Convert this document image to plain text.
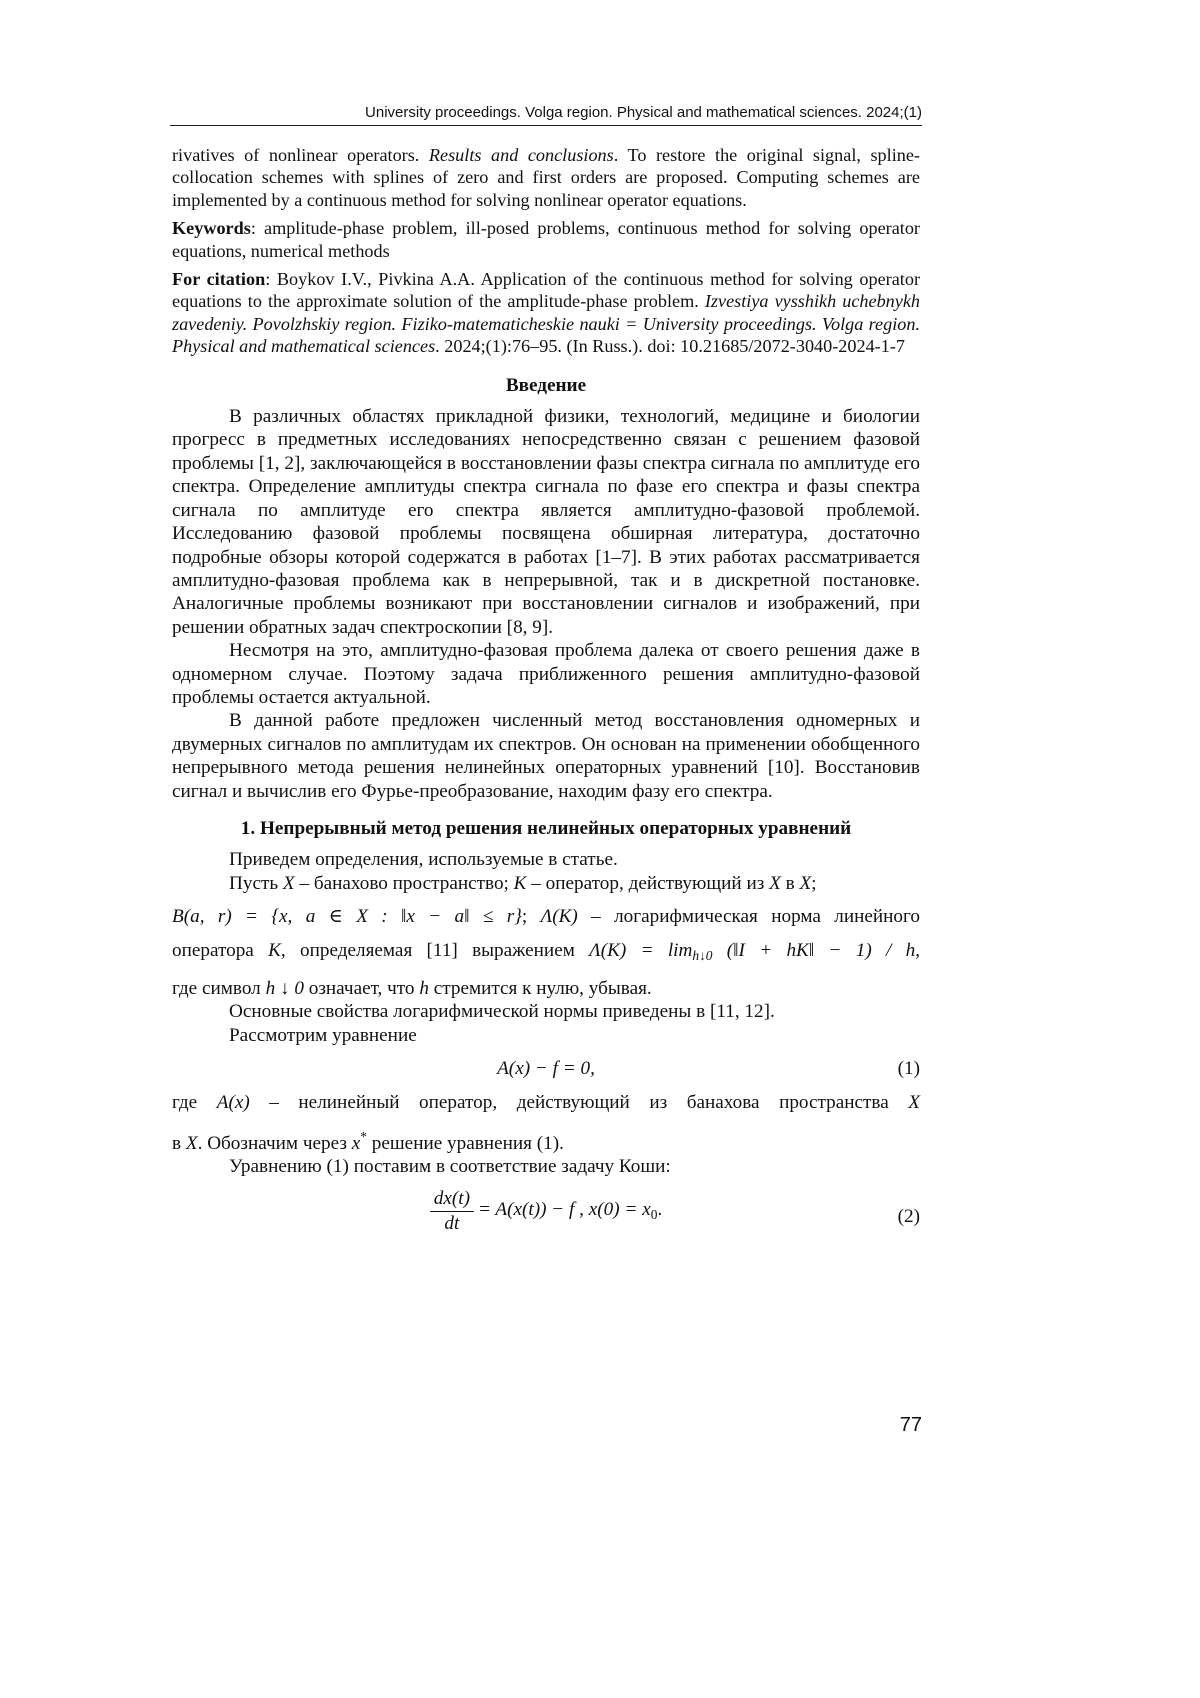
University proceedings. Volga region. Physical and mathematical sciences. 2024;(1)

rivatives of nonlinear operators. Results and conclusions. To restore the original signal, spline-collocation schemes with splines of zero and first orders are proposed. Computing schemes are implemented by a continuous method for solving nonlinear operator equations.

Keywords: amplitude-phase problem, ill-posed problems, continuous method for solving operator equations, numerical methods

For citation: Boykov I.V., Pivkina A.A. Application of the continuous method for solving operator equations to the approximate solution of the amplitude-phase problem. Izvestiya vysshikh uchebnykh zavedeniy. Povolzhskiy region. Fiziko-matematicheskie nauki = University proceedings. Volga region. Physical and mathematical sciences. 2024;(1):76–95. (In Russ.). doi: 10.21685/2072-3040-2024-1-7

Введение

В различных областях прикладной физики, технологий, медицине и биологии прогресс в предметных исследованиях непосредственно связан с решением фазовой проблемы [1, 2], заключающейся в восстановлении фазы спектра сигнала по амплитуде его спектра. Определение амплитуды спектра сигнала по фазе его спектра и фазы спектра сигнала по амплитуде его спектра является амплитудно-фазовой проблемой. Исследованию фазовой проблемы посвящена обширная литература, достаточно подробные обзоры которой содержатся в работах [1–7]. В этих работах рассматривается амплитудно-фазовая проблема как в непрерывной, так и в дискретной постановке. Аналогичные проблемы возникают при восстановлении сигналов и изображений, при решении обратных задач спектроскопии [8, 9].

Несмотря на это, амплитудно-фазовая проблема далека от своего решения даже в одномерном случае. Поэтому задача приближенного решения амплитудно-фазовой проблемы остается актуальной.

В данной работе предложен численный метод восстановления одномерных и двумерных сигналов по амплитудам их спектров. Он основан на применении обобщенного непрерывного метода решения нелинейных операторных уравнений [10]. Восстановив сигнал и вычислив его Фурье-преобразование, находим фазу его спектра.

1. Непрерывный метод решения нелинейных операторных уравнений

Приведем определения, используемые в статье.

Пусть X – банахово пространство; K – оператор, действующий из X в X;

B(a, r) = {x, a ∈ X : ‖x − a‖ ≤ r}; Λ(K) – логарифмическая норма линейного

оператора K, определяемая [11] выражением $\Lambda(K) = \lim_{h↓0}$ (‖I + hK‖ − 1) / h,

где символ h ↓ 0 означает, что h стремится к нулю, убывая.

Основные свойства логарифмической нормы приведены в [11, 12].

Рассмотрим уравнение

A(x) − f = 0,	(1)

где A(x) – нелинейный оператор, действующий из банахова пространства X

в X. Обозначим через x* решение уравнения (1).

Уравнению (1) поставим в соответствие задачу Коши:

$\frac{dx(t)}{dt} = A(x(t)) - f$ , $x(0) = x_0$.	(2)
77
